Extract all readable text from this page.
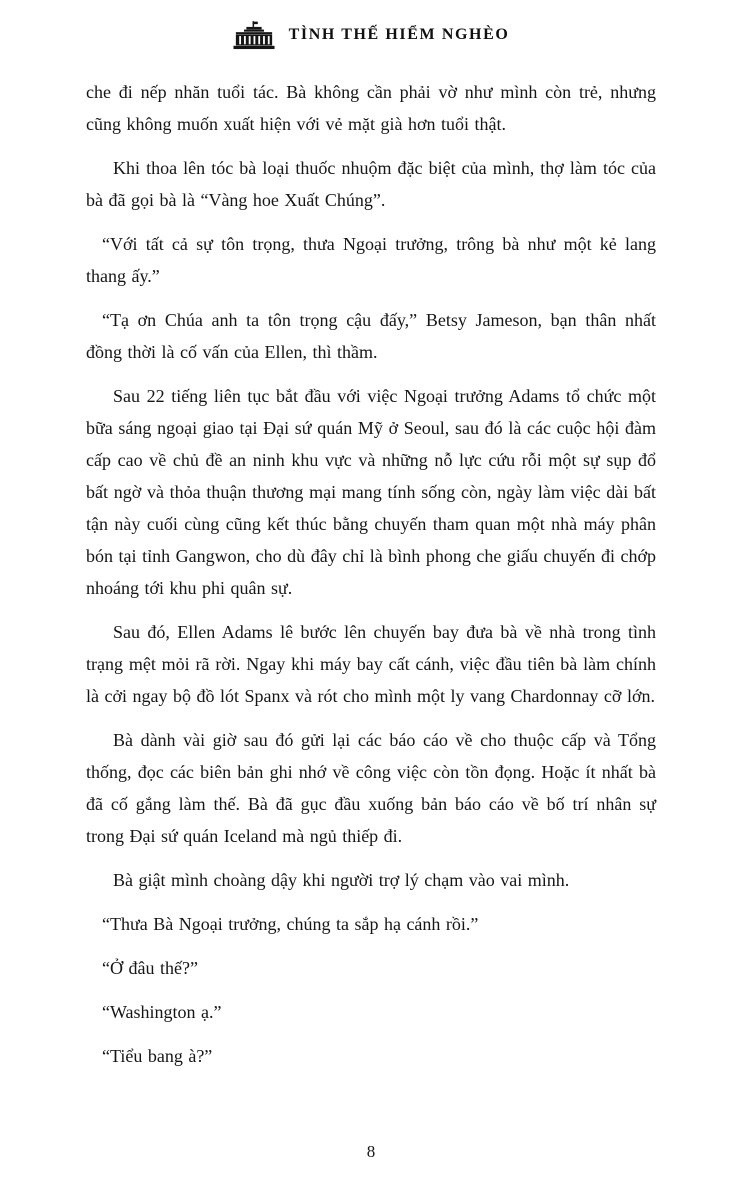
TÌNH THẾ HIỂM NGHÈO

che đi nếp nhăn tuổi tác. Bà không cần phải vờ như mình còn trẻ, nhưng cũng không muốn xuất hiện với vẻ mặt già hơn tuổi thật.

Khi thoa lên tóc bà loại thuốc nhuộm đặc biệt của mình, thợ làm tóc của bà đã gọi bà là “Vàng hoe Xuất Chúng”.

“Với tất cả sự tôn trọng, thưa Ngoại trưởng, trông bà như một kẻ lang thang ấy.”

“Tạ ơn Chúa anh ta tôn trọng cậu đấy,” Betsy Jameson, bạn thân nhất đồng thời là cố vấn của Ellen, thì thầm.

Sau 22 tiếng liên tục bắt đầu với việc Ngoại trưởng Adams tổ chức một bữa sáng ngoại giao tại Đại sứ quán Mỹ ở Seoul, sau đó là các cuộc hội đàm cấp cao về chủ đề an ninh khu vực và những nỗ lực cứu rỗi một sự sụp đổ bất ngờ và thỏa thuận thương mại mang tính sống còn, ngày làm việc dài bất tận này cuối cùng cũng kết thúc bằng chuyến tham quan một nhà máy phân bón tại tỉnh Gangwon, cho dù đây chỉ là bình phong che giấu chuyến đi chớp nhoáng tới khu phi quân sự.

Sau đó, Ellen Adams lê bước lên chuyến bay đưa bà về nhà trong tình trạng mệt mỏi rã rời. Ngay khi máy bay cất cánh, việc đầu tiên bà làm chính là cởi ngay bộ đồ lót Spanx và rót cho mình một ly vang Chardonnay cỡ lớn.

Bà dành vài giờ sau đó gửi lại các báo cáo về cho thuộc cấp và Tổng thống, đọc các biên bản ghi nhớ về công việc còn tồn đọng. Hoặc ít nhất bà đã cố gắng làm thế. Bà đã gục đầu xuống bản báo cáo về bố trí nhân sự trong Đại sứ quán Iceland mà ngủ thiếp đi.

Bà giật mình choàng dậy khi người trợ lý chạm vào vai mình.

“Thưa Bà Ngoại trưởng, chúng ta sắp hạ cánh rồi.”

“Ở đâu thế?”

“Washington ạ.”

“Tiểu bang à?”

8
